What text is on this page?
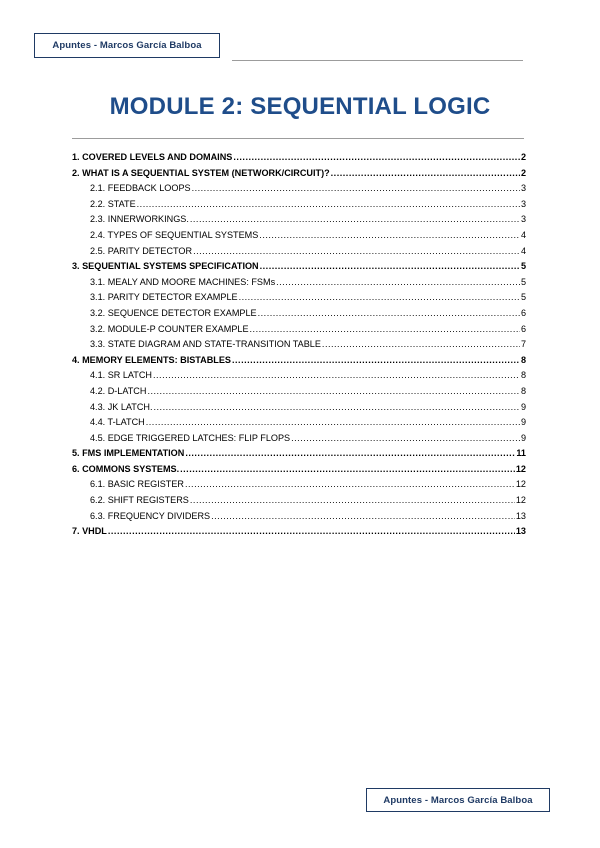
Apuntes - Marcos García Balboa
MODULE 2: SEQUENTIAL LOGIC
1. COVERED LEVELS AND DOMAINS .....	2
2. WHAT IS A SEQUENTIAL SYSTEM (NETWORK/CIRCUIT)? .....	2
2.1. FEEDBACK LOOPS .....	3
2.2. STATE .....	3
2.3. INNERWORKINGS. .....	3
2.4. TYPES OF SEQUENTIAL SYSTEMS .....	4
2.5. PARITY DETECTOR .....	4
3. SEQUENTIAL SYSTEMS SPECIFICATION .....	5
3.1. MEALY AND MOORE MACHINES: FSMs .....	5
3.1. PARITY DETECTOR EXAMPLE .....	5
3.2. SEQUENCE DETECTOR EXAMPLE .....	6
3.2. MODULE-P COUNTER EXAMPLE .....	6
3.3. STATE DIAGRAM AND STATE-TRANSITION TABLE .....	7
4. MEMORY ELEMENTS: BISTABLES .....	8
4.1. SR LATCH .....	8
4.2. D-LATCH .....	8
4.3. JK LATCH. .....	9
4.4. T-LATCH .....	9
4.5. EDGE TRIGGERED LATCHES: FLIP FLOPS .....	9
5. FMS IMPLEMENTATION .....	11
6. COMMONS SYSTEMS. .....	12
6.1. BASIC REGISTER .....	12
6.2. SHIFT REGISTERS .....	12
6.3. FREQUENCY DIVIDERS .....	13
7. VHDL .....	13
Apuntes - Marcos García Balboa
